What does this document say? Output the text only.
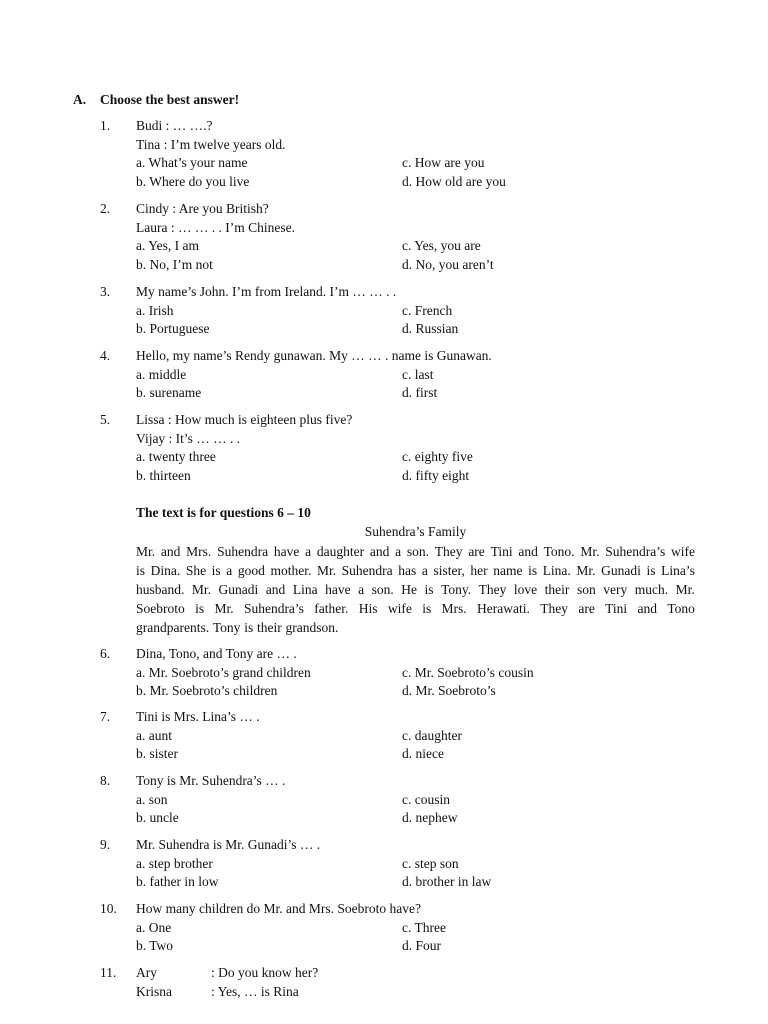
A. Choose the best answer!
1. Budi : … ….?
Tina : I’m twelve years old.
a. What’s your name	c. How are you
b. Where do you live	d. How old are you
2. Cindy : Are you British?
Laura : … … . . I’m Chinese.
a. Yes, I am	c. Yes, you are
b. No, I’m not	d. No, you aren’t
3. My name’s John. I’m from Ireland. I’m … … . .
a. Irish	c. French
b. Portuguese	d. Russian
4. Hello, my name’s Rendy gunawan. My … … . name is Gunawan.
a. middle	c. last
b. surename	d. first
5. Lissa : How much is eighteen plus five?
Vijay : It’s … … . .
a. twenty three	c. eighty five
b. thirteen	d. fifty eight
The text is for questions 6 – 10
Suhendra’s Family
Mr. and Mrs. Suhendra have a daughter and a son. They are Tini and Tono. Mr. Suhendra’s wife
is Dina. She is a good mother. Mr. Suhendra has a sister, her name is Lina. Mr. Gunadi is Lina’s
husband. Mr. Gunadi and Lina have a son. He is Tony. They love their son very much. Mr.
Soebroto is Mr. Suhendra’s father. His wife is Mrs. Herawati. They are Tini and Tono
grandparents. Tony is their grandson.
6. Dina, Tono, and Tony are … .
a. Mr. Soebroto’s grand children	c. Mr. Soebroto’s cousin
b. Mr. Soebroto’s children	d. Mr. Soebroto’s
7. Tini is Mrs. Lina’s … .
a. aunt	c. daughter
b. sister	d. niece
8. Tony is Mr. Suhendra’s … .
a. son	c. cousin
b. uncle	d. nephew
9. Mr. Suhendra is Mr. Gunadi’s … .
a. step brother	c. step son
b. father in low	d. brother in law
10. How many children do Mr. and Mrs. Soebroto have?
a. One	c. Three
b. Two	d. Four
11. Ary	: Do you know her?
Krisna	: Yes, … is Rina
